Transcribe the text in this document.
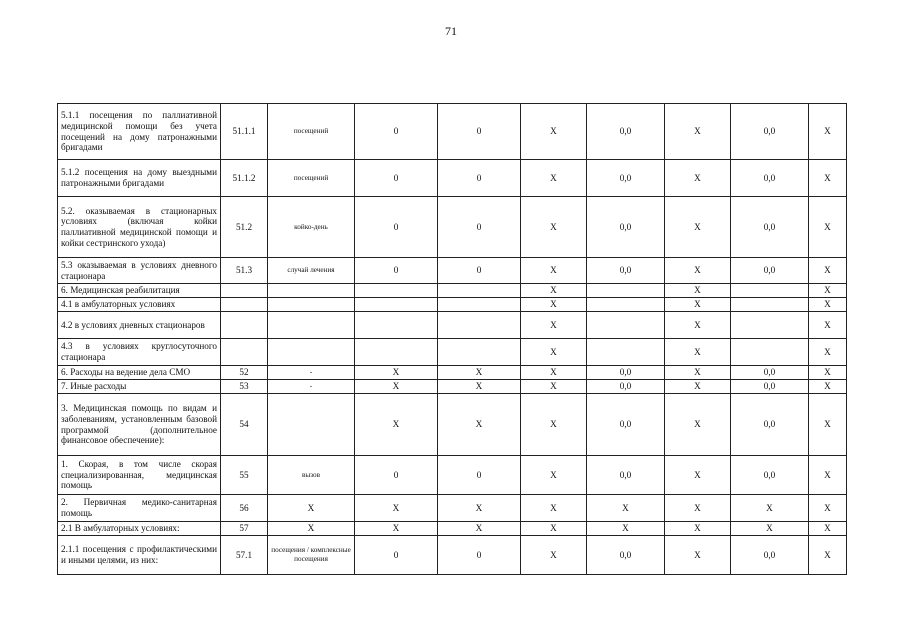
71
5.1.1 посещения по паллиативной медицинской помощи без учета посещений на дому патронажными бригадами	51.1.1	посещений	0	0	X	0,0	X	0,0	X
5.1.2 посещения на дому выездными патронажными бригадами	51.1.2	посещений	0	0	X	0,0	X	0,0	X
5.2. оказываемая в стационарных условиях (включая койки паллиативной медицинской помощи и койки сестринского ухода)	51.2	койко-день	0	0	X	0,0	X	0,0	X
5.3 оказываемая в условиях дневного стационара	51.3	случай лечения	0	0	X	0,0	X	0,0	X
6. Медицинская реабилитация					X		X		X
4.1 в амбулаторных условиях					X		X		X
4.2 в условиях дневных стационаров					X		X		X
4.3 в условиях круглосуточного стационара					X		X		X
6. Расходы на ведение дела СМО	52	-	X	X	X	0,0	X	0,0	X
7. Иные расходы	53	-	X	X	X	0,0	X	0,0	X
3. Медицинская помощь по видам и заболеваниям, установленным базовой программой (дополнительное финансовое обеспечение):	54		X	X	X	0,0	X	0,0	X
1. Скорая, в том числе скорая специализированная, медицинская помощь	55	вызов	0	0	X	0,0	X	0,0	X
2. Первичная медико-санитарная помощь	56	X	X	X	X	X	X	X	X
2.1 В амбулаторных условиях:	57	X	X	X	X	X	X	X	X
2.1.1 посещения с профилактическими и иными целями, из них:	57.1	посещения / комплексные посещения	0	0	X	0,0	X	0,0	X
